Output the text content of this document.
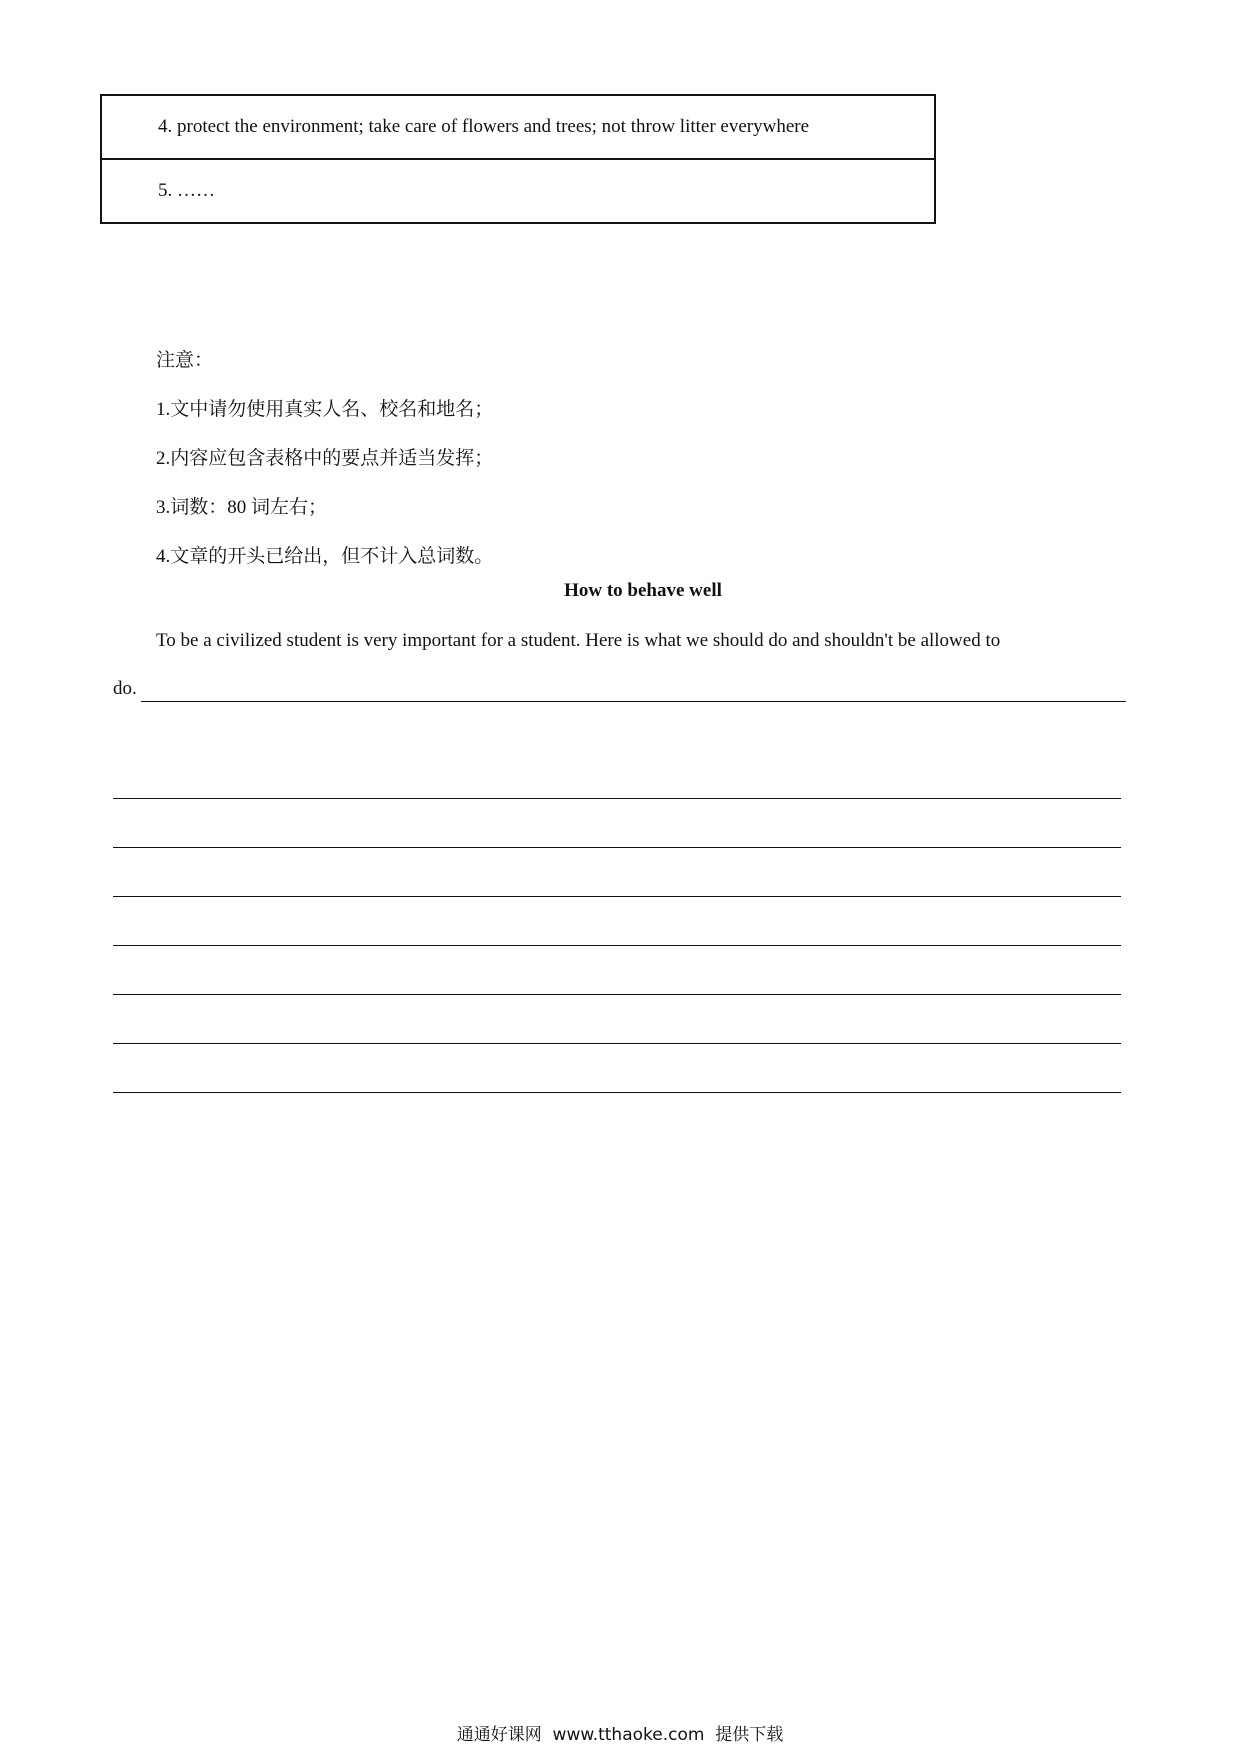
4. protect the environment; take care of flowers and trees; not throw litter everywhere
5. ……
注意：
1.文中请勿使用真实人名、校名和地名；
2.内容应包含表格中的要点并适当发挥；
3.词数：80 词左右；
4.文章的开头已给出，但不计入总词数。
How to behave well
To be a civilized student is very important for a student. Here is what we should do and shouldn't be allowed to
do.
通通好课网  www.tthaoke.com  提供下载
